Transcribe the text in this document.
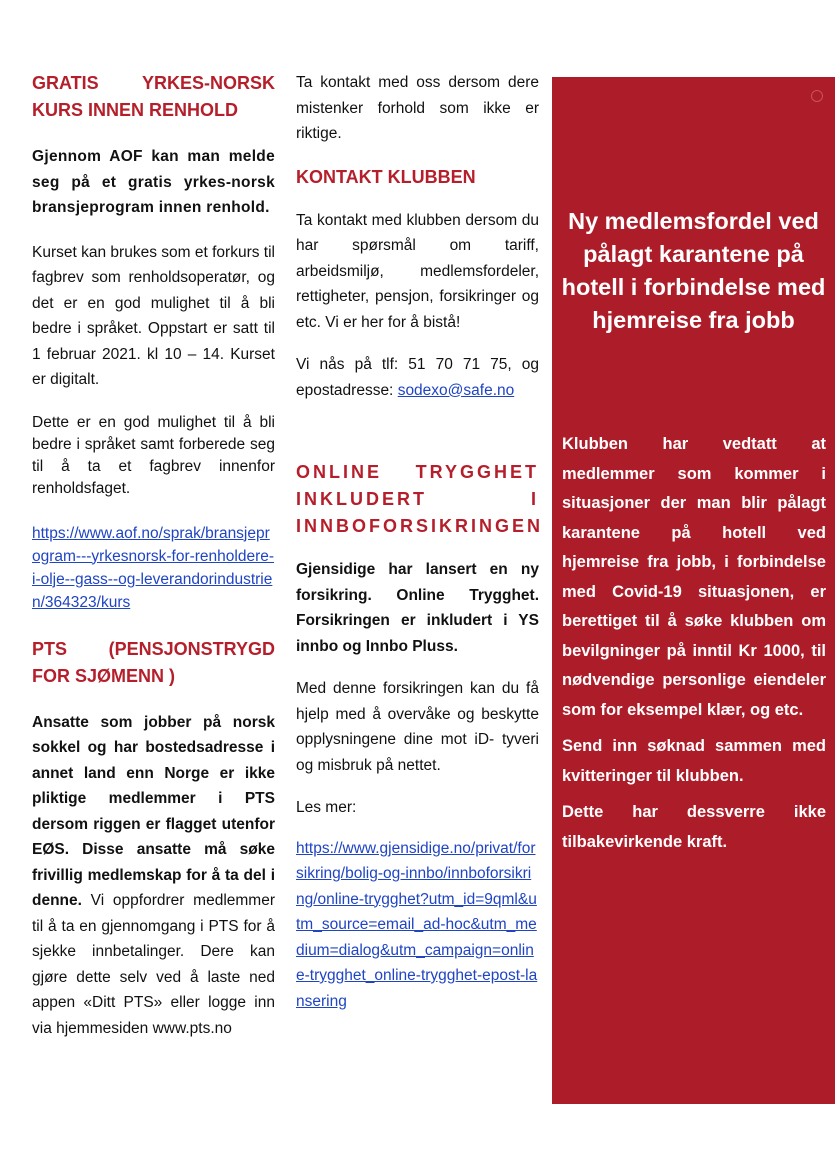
GRATIS YRKES-NORSK KURS INNEN RENHOLD

Gjennom AOF kan man melde seg på et gratis yrkes-norsk bransjeprogram innen renhold.

Kurset kan brukes som et forkurs til fagbrev som renholdsoperatør, og det er en god mulighet til å bli bedre i språket. Oppstart er satt til 1 februar 2021. kl 10 – 14. Kurset er digitalt.

Dette er en god mulighet til å bli bedre i språket samt forberede seg til å ta et fagbrev innenfor renholdsfaget.

https://www.aof.no/sprak/bransjeprogram---yrkesnorsk-for-renholdere-i-olje--gass--og-leverandorindustrien/364323/kurs

PTS (PENSJONSTRYGD FOR SJØMENN )

Ansatte som jobber på norsk sokkel og har bostedsadresse i annet land enn Norge er ikke pliktige medlemmer i PTS dersom riggen er flagget utenfor EØS. Disse ansatte må søke frivillig medlemskap for å ta del i denne. Vi oppfordrer medlemmer til å ta en gjennomgang i PTS for å sjekke innbetalinger. Dere kan gjøre dette selv ved å laste ned appen «Ditt PTS» eller logge inn via hjemmesiden www.pts.no

Ta kontakt med oss dersom dere mistenker forhold som ikke er riktige.

KONTAKT KLUBBEN

Ta kontakt med klubben dersom du har spørsmål om tariff, arbeidsmiljø, medlemsfordeler, rettigheter, pensjon, forsikringer og etc. Vi er her for å bistå!

Vi nås på tlf: 51 70 71 75, og epostadresse: sodexo@safe.no

ONLINE TRYGGHET INKLUDERT I INNBOFORSIKRINGEN

Gjensidige har lansert en ny forsikring. Online Trygghet. Forsikringen er inkludert i YS innbo og Innbo Pluss.

Med denne forsikringen kan du få hjelp med å overvåke og beskytte opplysningene dine mot iD- tyveri og misbruk på nettet.

Les mer:

https://www.gjensidige.no/privat/forsikring/bolig-og-innbo/innboforsikring/online-trygghet?utm_id=9qml&utm_source=email_ad-hoc&utm_medium=dialog&utm_campaign=online-trygghet_online-trygghet-epost-lansering

Ny medlemsfordel ved pålagt karantene på hotell i forbindelse med hjemreise fra jobb

Klubben har vedtatt at medlemmer som kommer i situasjoner der man blir pålagt karantene på hotell ved hjemreise fra jobb, i forbindelse med Covid-19 situasjonen, er berettiget til å søke klubben om bevilgninger på inntil Kr 1000, til nødvendige personlige eiendeler som for eksempel klær, og etc.

Send inn søknad sammen med kvitteringer til klubben.

Dette har dessverre ikke tilbakevirkende kraft.
